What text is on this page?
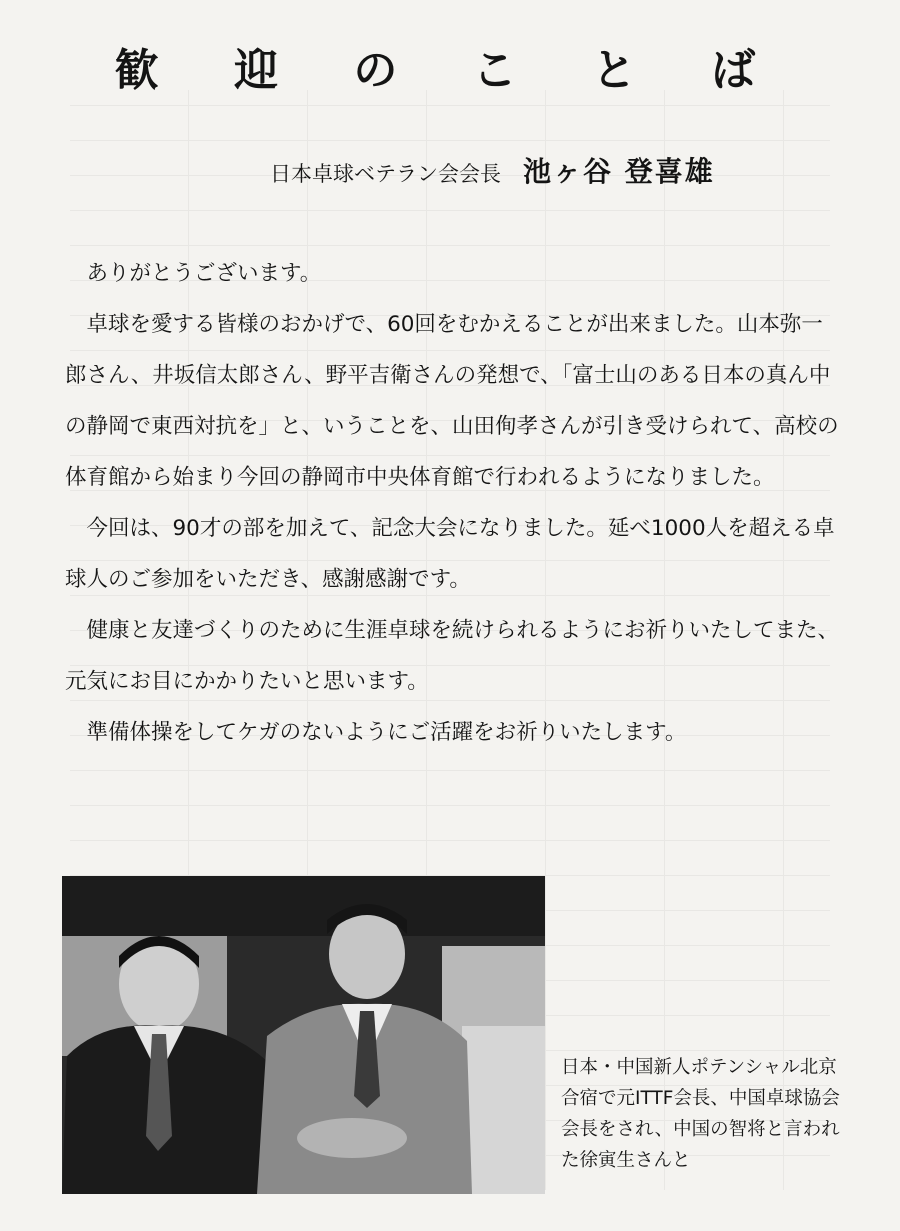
歓 迎 の こ と ば
日本卓球ベテラン会会長 池ヶ谷 登喜雄

ありがとうございます。

卓球を愛する皆様のおかげで、60回をむかえることが出来ました。山本弥一郎さん、井坂信太郎さん、野平吉衛さんの発想で、「富士山のある日本の真ん中の静岡で東西対抗を」と、いうことを、山田侚孝さんが引き受けられて、高校の体育館から始まり今回の静岡市中央体育館で行われるようになりました。

今回は、90才の部を加えて、記念大会になりました。延べ1000人を超える卓球人のご参加をいただき、感謝感謝です。

健康と友達づくりのために生涯卓球を続けられるようにお祈りいたしてまた、元気にお目にかかりたいと思います。

準備体操をしてケガのないようにご活躍をお祈りいたします。

日本・中国新人ポテンシャル北京合宿で元ITTF会長、中国卓球協会会長をされ、中国の智将と言われた徐寅生さんと
